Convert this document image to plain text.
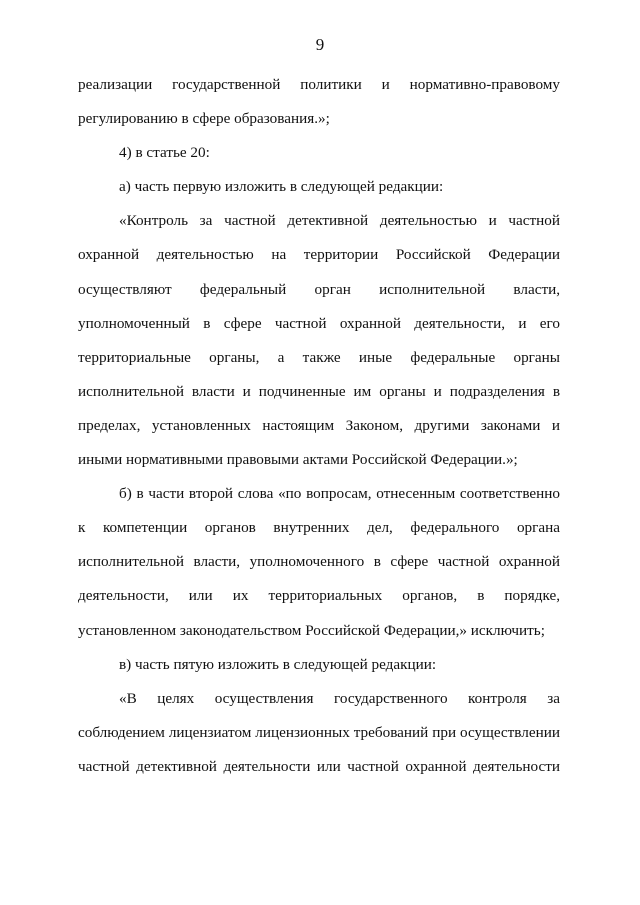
9

реализации государственной политики и нормативно-правовому регулированию в сфере образования.»;

4) в статье 20:

а) часть первую изложить в следующей редакции:

«Контроль за частной детективной деятельностью и частной охранной деятельностью на территории Российской Федерации осуществляют федеральный орган исполнительной власти, уполномоченный в сфере частной охранной деятельности, и его территориальные органы, а также иные федеральные органы исполнительной власти и подчиненные им органы и подразделения в пределах, установленных настоящим Законом, другими законами и иными нормативными правовыми актами Российской Федерации.»;

б) в части второй слова «по вопросам, отнесенным соответственно к компетенции органов внутренних дел, федерального органа исполнительной власти, уполномоченного в сфере частной охранной деятельности, или их территориальных органов, в порядке, установленном законодательством Российской Федерации,» исключить;

в) часть пятую изложить в следующей редакции:

«В целях осуществления государственного контроля за соблюдением лицензиатом лицензионных требований при осуществлении частной детективной деятельности или частной охранной деятельности
